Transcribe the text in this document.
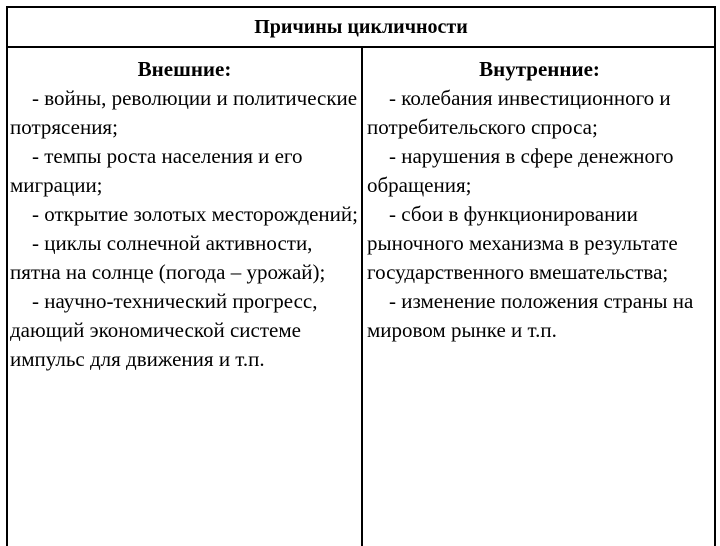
Причины цикличности
Внешние:

- войны, революции и политические потрясения;

- темпы роста населения и его миграции;

- открытие золотых месторождений;

- циклы солнечной активности, пятна на солнце (погода – урожай);

- научно-технический прогресс, дающий экономической системе импульс для движения и т.п.

Внутренние:

- колебания инвестиционного и потребительского спроса;

- нарушения в сфере денежного обращения;

- сбои в функционировании рыночного механизма в результате государственного вмешательства;

- изменение положения страны на мировом рынке и т.п.
